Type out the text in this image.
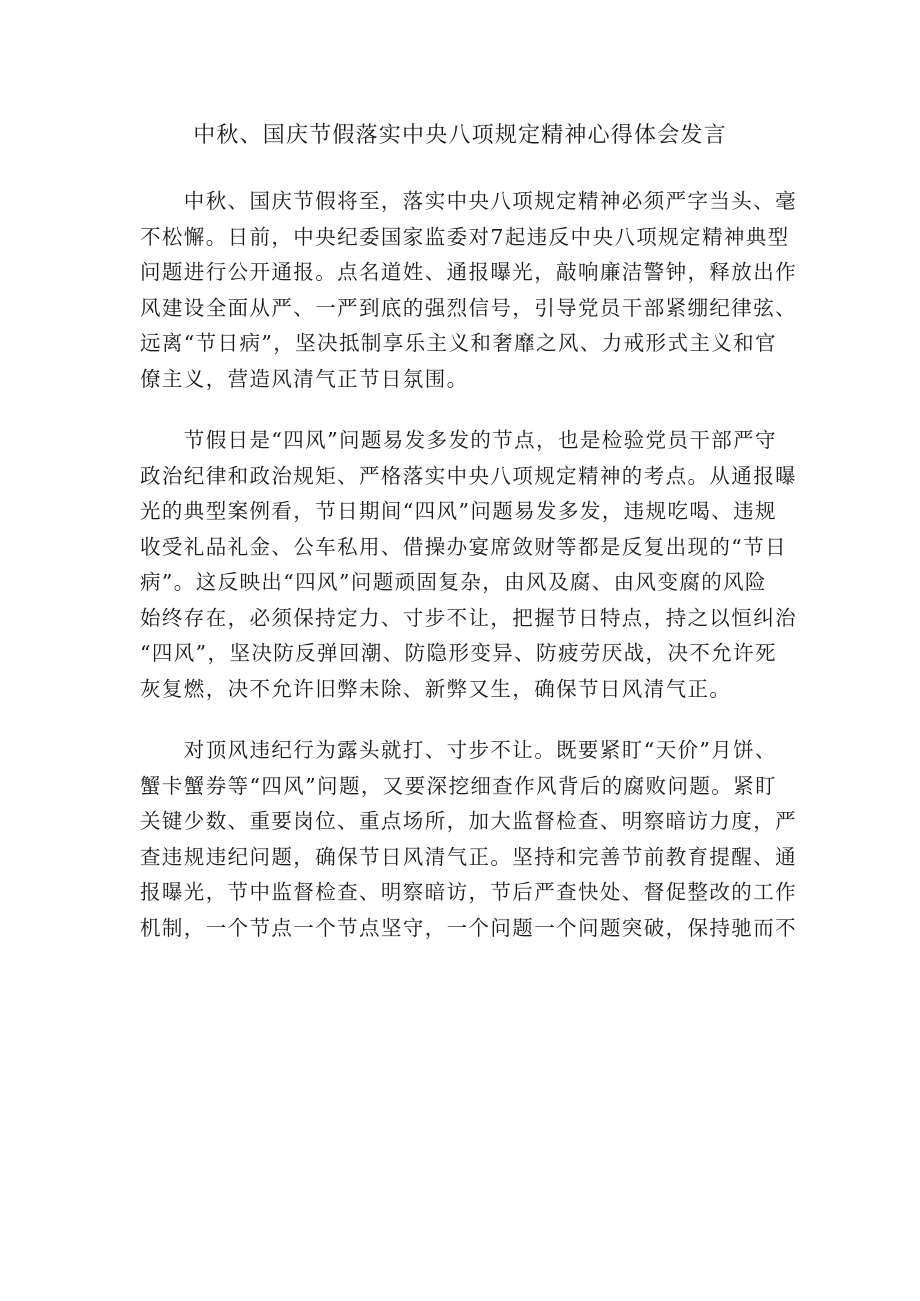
中秋、国庆节假落实中央八项规定精神心得体会发言

　　中秋、国庆节假将至，落实中央八项规定精神必须严字当头、毫
不松懈。日前，中央纪委国家监委对7起违反中央八项规定精神典型
问题进行公开通报。点名道姓、通报曝光，敲响廉洁警钟，释放出作
风建设全面从严、一严到底的强烈信号，引导党员干部紧绷纪律弦、
远离“节日病”，坚决抵制享乐主义和奢靡之风、力戒形式主义和官
僚主义，营造风清气正节日氛围。

　　节假日是“四风”问题易发多发的节点，也是检验党员干部严守
政治纪律和政治规矩、严格落实中央八项规定精神的考点。从通报曝
光的典型案例看，节日期间“四风”问题易发多发，违规吃喝、违规
收受礼品礼金、公车私用、借操办宴席敛财等都是反复出现的“节日
病”。这反映出“四风”问题顽固复杂，由风及腐、由风变腐的风险
始终存在，必须保持定力、寸步不让，把握节日特点，持之以恒纠治
“四风”，坚决防反弹回潮、防隐形变异、防疲劳厌战，决不允许死
灰复燃，决不允许旧弊未除、新弊又生，确保节日风清气正。

　　对顶风违纪行为露头就打、寸步不让。既要紧盯“天价”月饼、
蟹卡蟹券等“四风”问题，又要深挖细查作风背后的腐败问题。紧盯
关键少数、重要岗位、重点场所，加大监督检查、明察暗访力度，严
查违规违纪问题，确保节日风清气正。坚持和完善节前教育提醒、通
报曝光，节中监督检查、明察暗访，节后严查快处、督促整改的工作
机制，一个节点一个节点坚守，一个问题一个问题突破，保持驰而不
